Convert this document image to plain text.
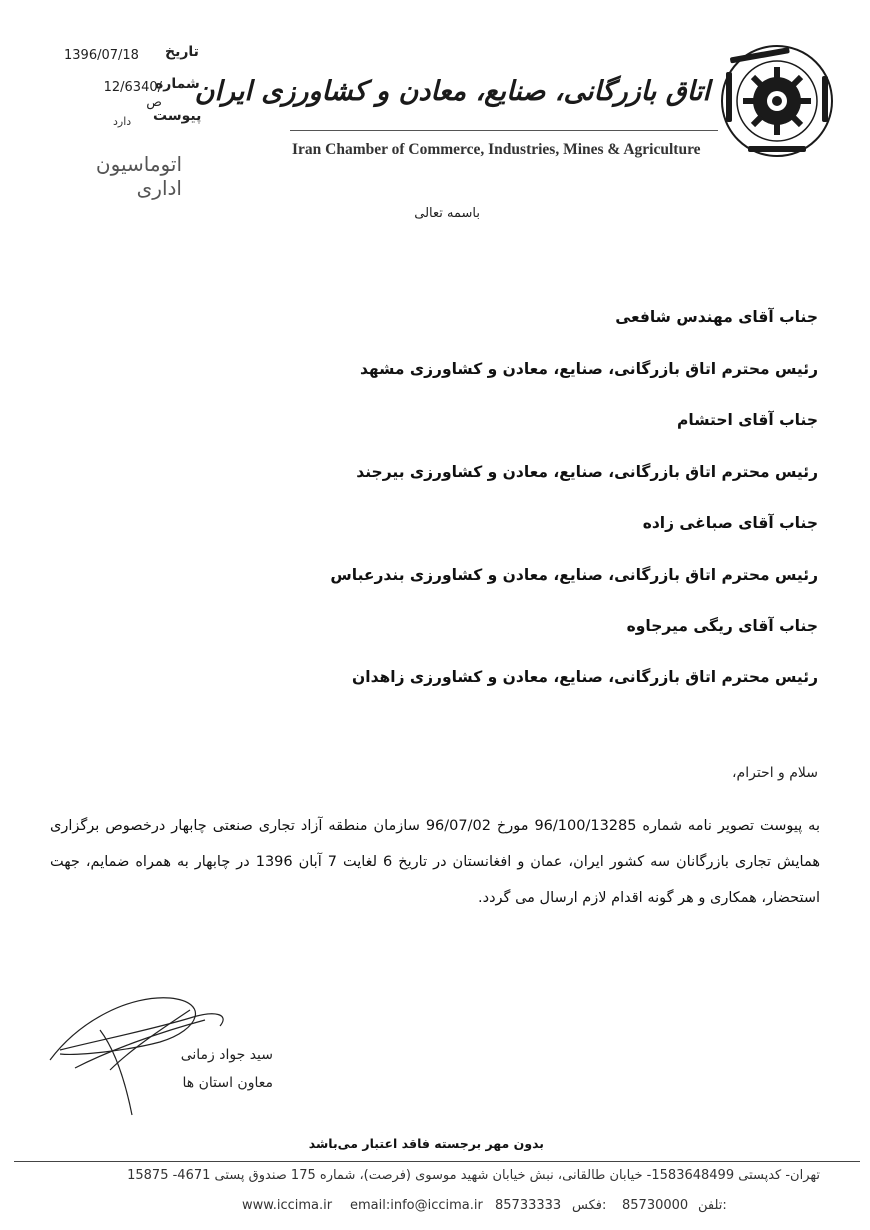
تاریخ
1396/07/18
شماره
12/6340/ص
پیوست
دارد
اتوماسیون اداری
اتاق بازرگانی، صنایع، معادن و کشاورزی ایران
Iran Chamber of Commerce, Industries, Mines & Agriculture
باسمه تعالی
جناب آقای مهندس شافعی
رئیس محترم اتاق بازرگانی، صنایع، معادن و کشاورزی مشهد
جناب آقای احتشام
رئیس محترم اتاق بازرگانی، صنایع، معادن و کشاورزی بیرجند
جناب آقای صباغی زاده
رئیس محترم اتاق بازرگانی، صنایع، معادن و کشاورزی بندرعباس
جناب آقای ریگی میرجاوه
رئیس محترم اتاق بازرگانی، صنایع، معادن و کشاورزی زاهدان
سلام و احترام،
به پیوست تصویر نامه شماره 96/100/13285 مورخ 96/07/02 سازمان منطقه آزاد تجاری صنعتی چابهار درخصوص برگزاری همایش تجاری بازرگانان سه کشور ایران، عمان و افغانستان در تاریخ 6 لغایت 7 آبان 1396 در چابهار به همراه ضمایم، جهت استحضار، همکاری و هر گونه اقدام لازم ارسال می گردد.
سید جواد زمانی
معاون استان ها
بدون مهر برجسته فاقد اعتبار می‌باشد
تهران- کدپستی 1583648499- خیابان طالقانی، نبش خیابان شهید موسوی (فرصت)، شماره 175 صندوق پستی 4671- 15875
www.iccima.ir email:info@iccima.ir 85733333 فکس: 85730000 تلفن:
